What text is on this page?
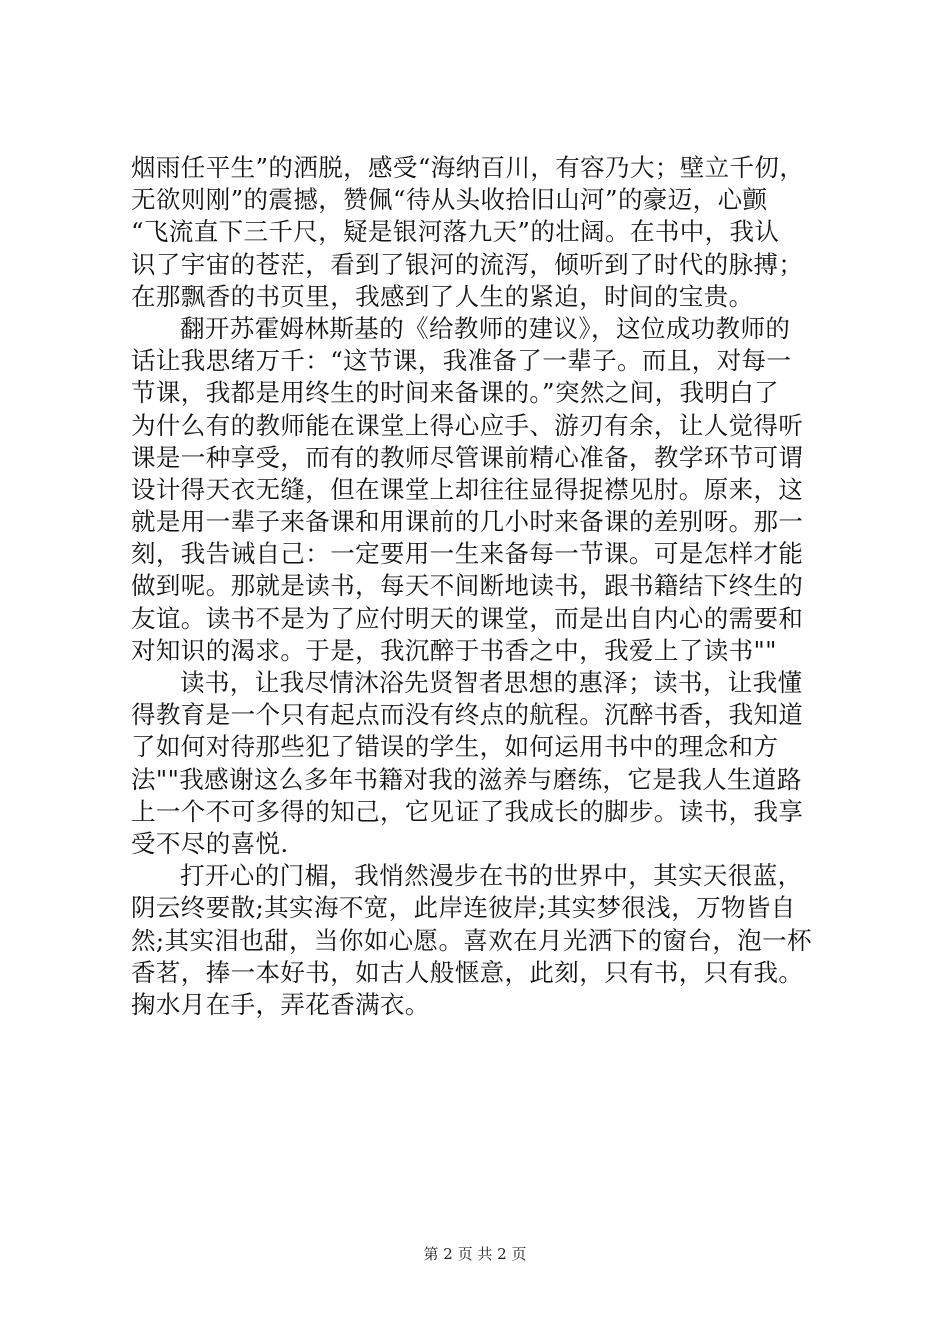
烟雨任平生”的洒脱，感受“海纳百川，有容乃大；壁立千仞，
无欲则刚”的震撼，赞佩“待从头收拾旧山河”的豪迈，心颤
“飞流直下三千尺，疑是银河落九天”的壮阔。在书中，我认
识了宇宙的苍茫，看到了银河的流泻，倾听到了时代的脉搏；
在那飘香的书页里，我感到了人生的紧迫，时间的宝贵。
翻开苏霍姆林斯基的《给教师的建议》，这位成功教师的
话让我思绪万千：“这节课，我准备了一辈子。而且，对每一
节课，我都是用终生的时间来备课的。”突然之间，我明白了
为什么有的教师能在课堂上得心应手、游刃有余，让人觉得听
课是一种享受，而有的教师尽管课前精心准备，教学环节可谓
设计得天衣无缝，但在课堂上却往往显得捉襟见肘。原来，这
就是用一辈子来备课和用课前的几小时来备课的差别呀。那一
刻，我告诫自己：一定要用一生来备每一节课。可是怎样才能
做到呢。那就是读书，每天不间断地读书，跟书籍结下终生的
友谊。读书不是为了应付明天的课堂，而是出自内心的需要和
对知识的渴求。于是，我沉醉于书香之中，我爱上了读书""
读书，让我尽情沐浴先贤智者思想的惠泽；读书，让我懂
得教育是一个只有起点而没有终点的航程。沉醉书香，我知道
了如何对待那些犯了错误的学生，如何运用书中的理念和方
法""我感谢这么多年书籍对我的滋养与磨练，它是我人生道路
上一个不可多得的知己，它见证了我成长的脚步。读书，我享
受不尽的喜悦.
打开心的门楣，我悄然漫步在书的世界中，其实天很蓝，
阴云终要散;其实海不宽，此岸连彼岸;其实梦很浅，万物皆自
然;其实泪也甜，当你如心愿。喜欢在月光洒下的窗台，泡一杯
香茗，捧一本好书，如古人般惬意，此刻，只有书，只有我。
掬水月在手，弄花香满衣。
第 2 页 共 2 页
